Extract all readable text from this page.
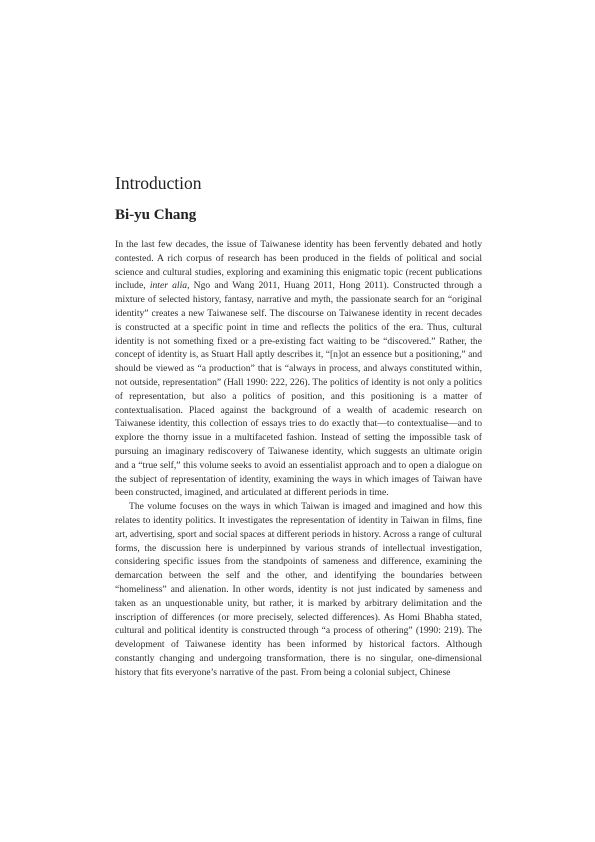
Introduction
Bi-yu Chang

In the last few decades, the issue of Taiwanese identity has been fervently debated and hotly contested. A rich corpus of research has been produced in the fields of political and social science and cultural studies, exploring and examining this enigmatic topic (recent publications include, inter alia, Ngo and Wang 2011, Huang 2011, Hong 2011). Constructed through a mixture of selected history, fantasy, narrative and myth, the passionate search for an “original identity” creates a new Taiwanese self. The discourse on Taiwanese identity in recent decades is constructed at a specific point in time and reflects the politics of the era. Thus, cultural identity is not something fixed or a pre-existing fact waiting to be “discovered.” Rather, the concept of identity is, as Stuart Hall aptly describes it, “[n]ot an essence but a positioning,” and should be viewed as “a production” that is “always in process, and always constituted within, not outside, representation” (Hall 1990: 222, 226). The politics of identity is not only a politics of representation, but also a politics of position, and this positioning is a matter of contextualisation. Placed against the background of a wealth of academic research on Taiwanese identity, this collection of essays tries to do exactly that—to contextualise—and to explore the thorny issue in a multifaceted fashion. Instead of setting the impossible task of pursuing an imaginary rediscovery of Taiwanese identity, which suggests an ultimate origin and a “true self,” this volume seeks to avoid an essentialist approach and to open a dialogue on the subject of representation of identity, examining the ways in which images of Taiwan have been constructed, imagined, and articulated at different periods in time.

The volume focuses on the ways in which Taiwan is imaged and imagined and how this relates to identity politics. It investigates the representation of identity in Taiwan in films, fine art, advertising, sport and social spaces at different periods in history. Across a range of cultural forms, the discussion here is underpinned by various strands of intellectual investigation, considering specific issues from the standpoints of sameness and difference, examining the demarcation between the self and the other, and identifying the boundaries between “homeliness” and alienation. In other words, identity is not just indicated by sameness and taken as an unquestionable unity, but rather, it is marked by arbitrary delimitation and the inscription of differences (or more precisely, selected differences). As Homi Bhabha stated, cultural and political identity is constructed through “a process of othering” (1990: 219). The development of Taiwanese identity has been informed by historical factors. Although constantly changing and undergoing transformation, there is no singular, one-dimensional history that fits everyone’s narrative of the past. From being a colonial subject, Chinese
